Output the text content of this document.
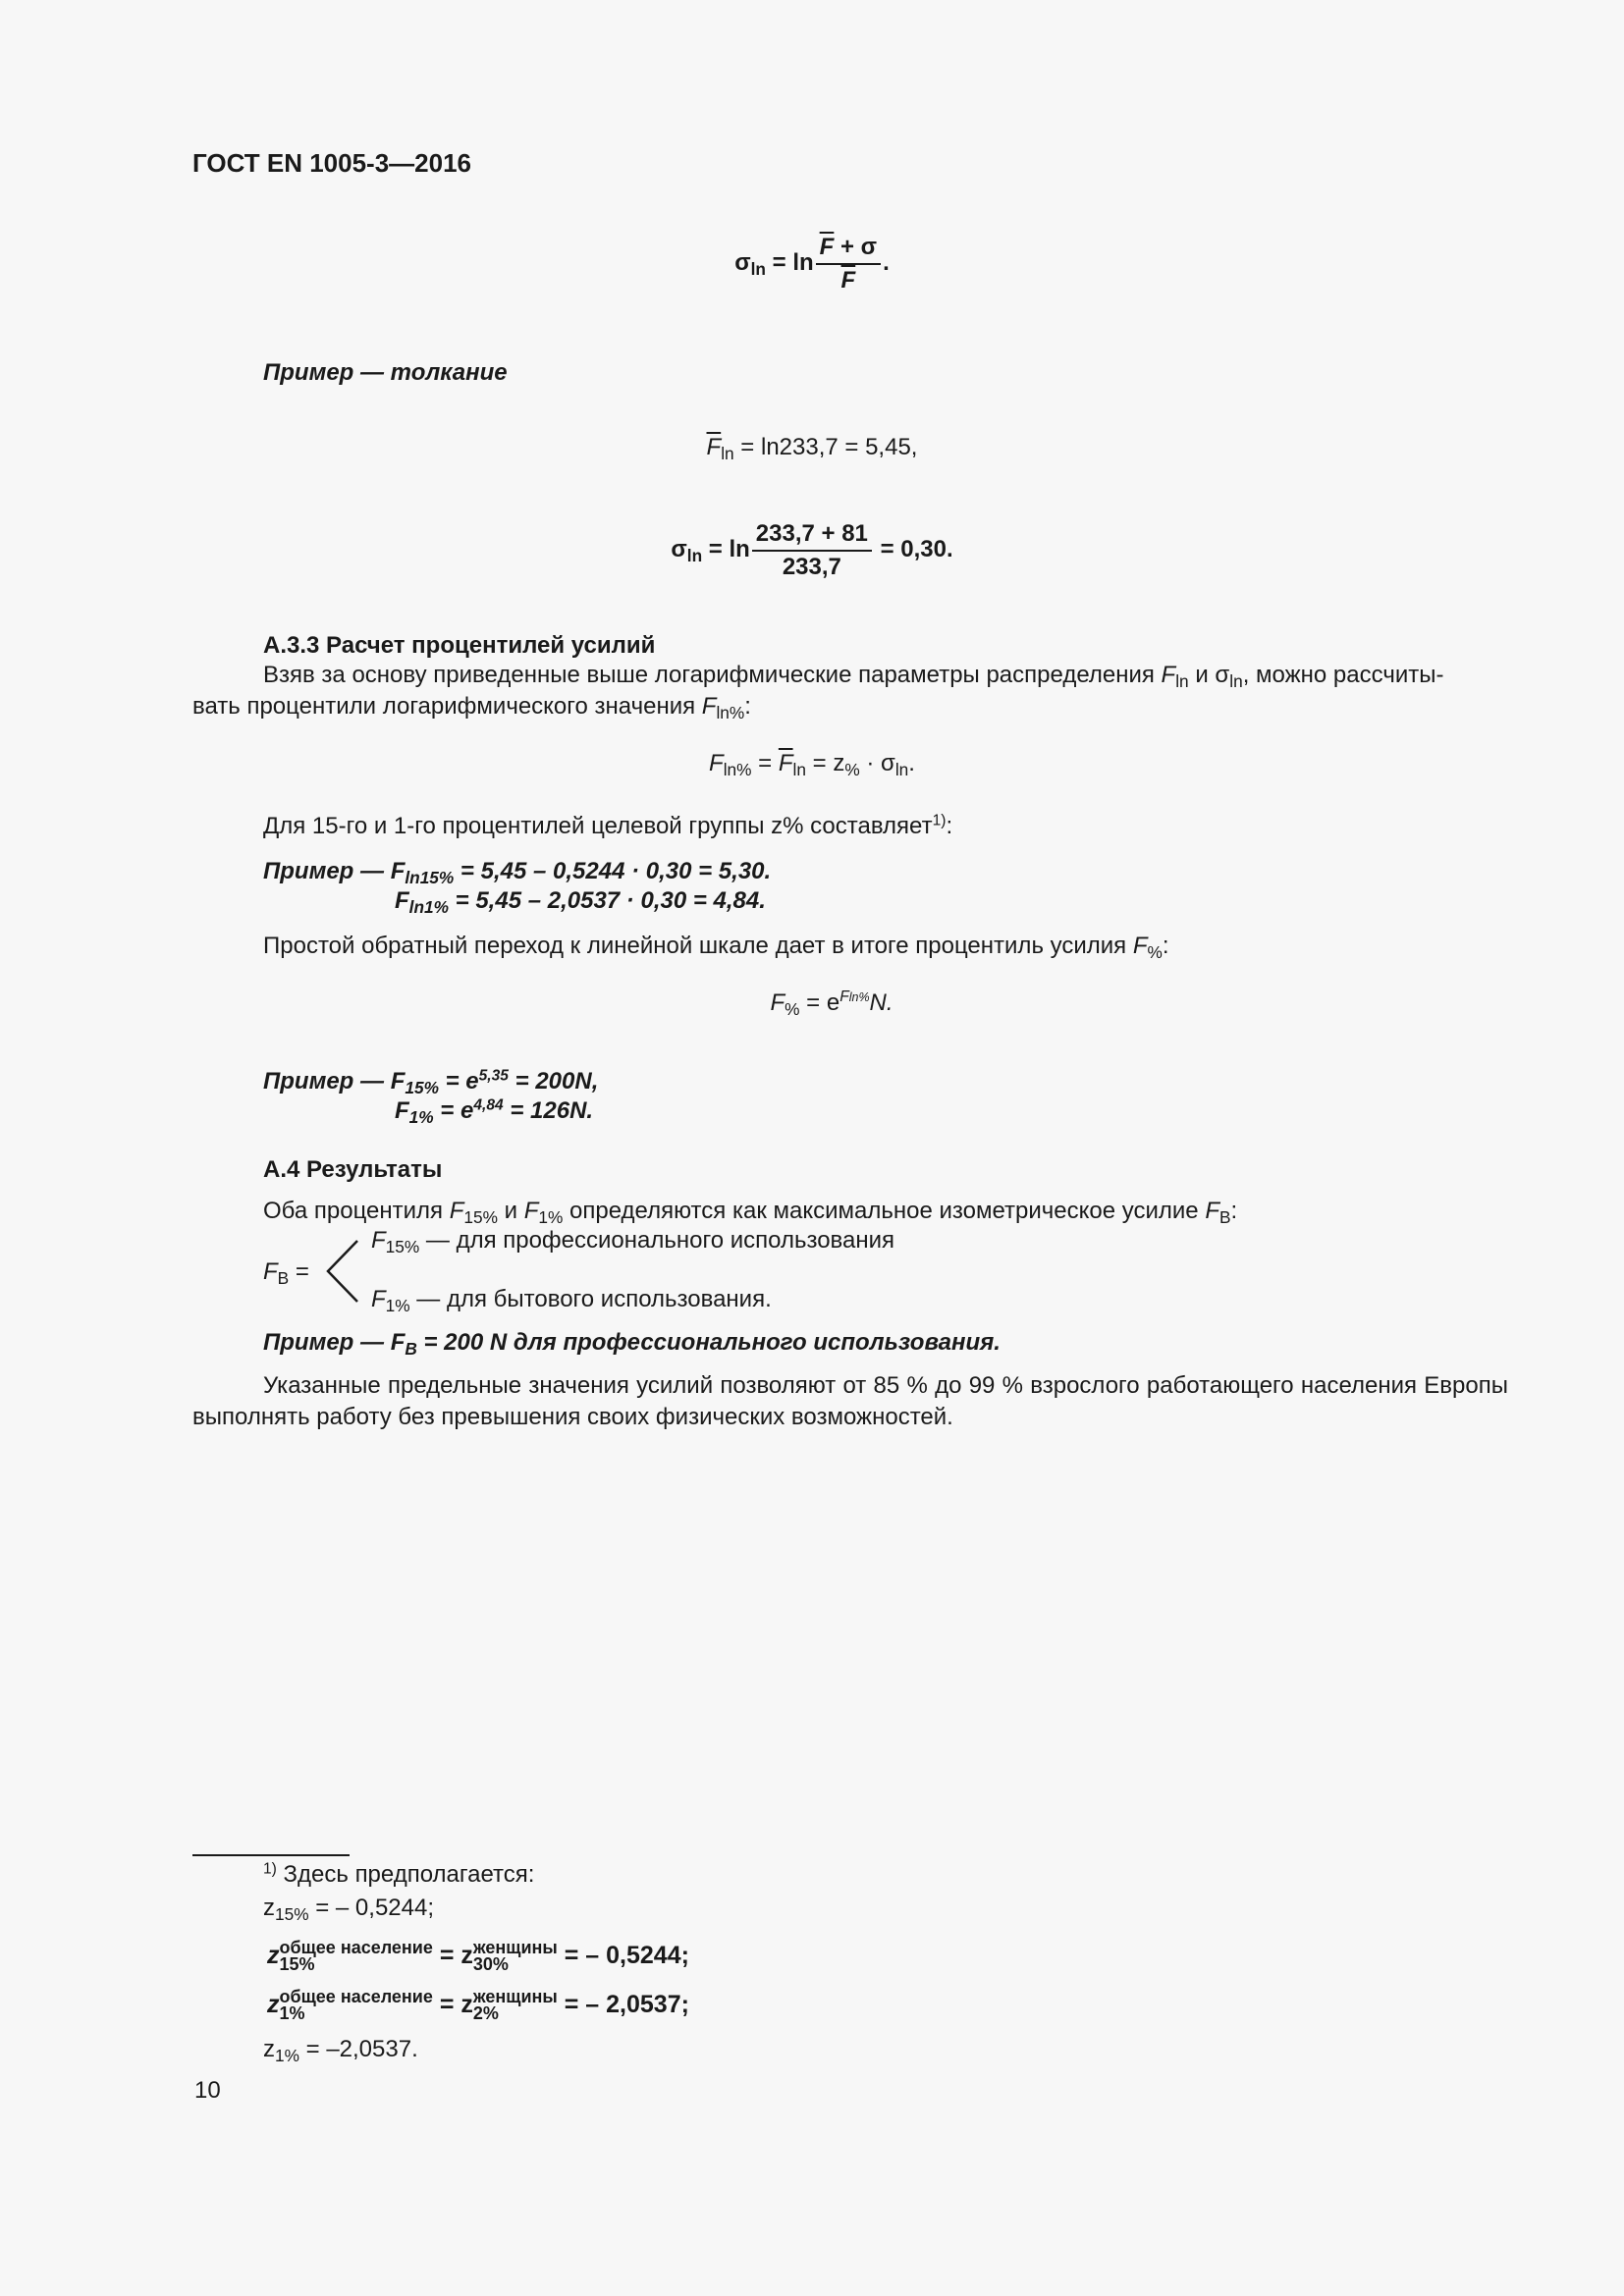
ГОСТ EN 1005-3—2016
$\sigma_{ln} = \ln \frac{\overline{F} + \sigma}{F}$ .
Пример — толкание
$\overline{F}_{ln} = \ln 233,7 = 5,45$,
$\sigma_{ln} = \ln \frac{233,7 + 81}{233,7} = 0,30$.
А.3.3 Расчет процентилей усилий
Взяв за основу приведенные выше логарифмические параметры распределения $F_{ln}$ и $\sigma_{ln}$, можно рассчиты-
вать процентили логарифмического значения $F_{ln\%}$:
$F_{ln\%} = \overline{F}_{ln} = z_{\%} \cdot \sigma_{ln}$.
Для 15-го и 1-го процентилей целевой группы z% составляет$^{1)}$:
Пример — $F_{ln15\%} = 5,45 - 0,5244 \cdot 0,30 = 5,30$.
$F_{ln1\%} = 5,45 - 2,0537 \cdot 0,30 = 4,84$.
Простой обратный переход к линейной шкале дает в итоге процентиль усилия $F_{\%}$:
$F_{\%} = e^{Fln\%}N$.
Пример — $F_{15\%} = e^{5,35} = 200N$,
$F_{1\%} = e^{4,84} = 126N$.
А.4 Результаты
Оба процентиля $F_{15\%}$ и $F_{1\%}$ определяются как максимальное изометрическое усилие $F_B$:
$F_B$ =
$F_{15\%}$ — для профессионального использования
$F_{1\%}$ — для бытового использования.
Пример — $F_B = 200$ N для профессионального использования.
Указанные предельные значения усилий позволяют от 85 % до 99 % взрослого работающего населения Европы выполнять работу без превышения своих физических возможностей.
$^{1)}$ Здесь предполагается:
$z_{15\%}$ = – 0,5244;
z общее население
15%	= z женщины
30%	= – 0,5244;
z общее население
1%	= z женщины
2%	= – 2,0537;
$z_{1\%} = -2,0537$.
10
